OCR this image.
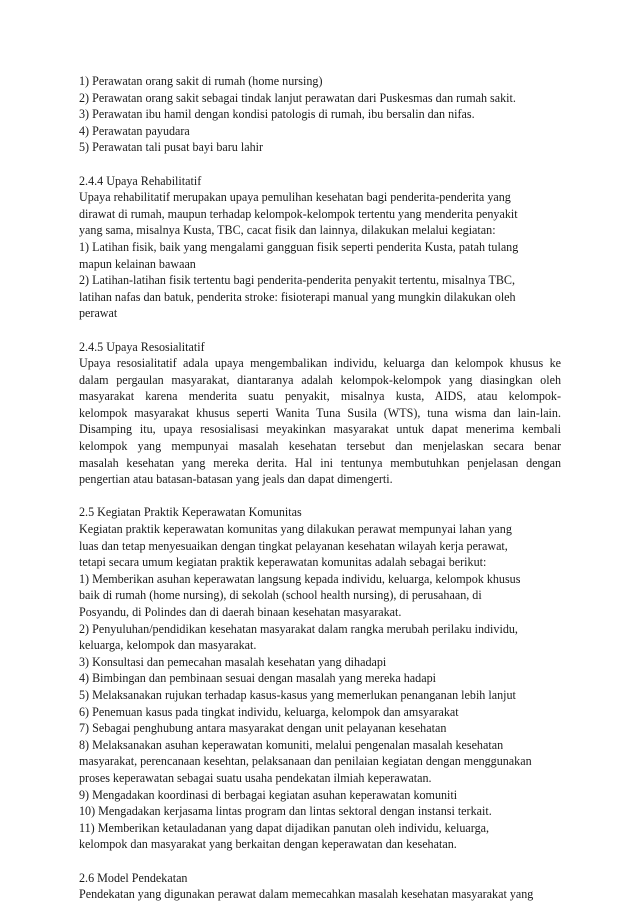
1) Perawatan orang sakit di rumah (home nursing)
2) Perawatan orang sakit sebagai tindak lanjut perawatan dari Puskesmas dan rumah sakit.
3) Perawatan ibu hamil dengan kondisi patologis di rumah, ibu bersalin dan nifas.
4) Perawatan payudara
5) Perawatan tali pusat bayi baru lahir
2.4.4 Upaya Rehabilitatif
Upaya rehabilitatif merupakan upaya pemulihan kesehatan bagi penderita-penderita yang
dirawat di rumah, maupun terhadap kelompok-kelompok tertentu yang menderita penyakit
yang sama, misalnya Kusta, TBC, cacat fisik dan lainnya, dilakukan melalui kegiatan:
1) Latihan fisik, baik yang mengalami gangguan fisik seperti penderita Kusta, patah tulang
mapun kelainan bawaan
2) Latihan-latihan fisik tertentu bagi penderita-penderita penyakit tertentu, misalnya TBC,
latihan nafas dan batuk, penderita stroke: fisioterapi manual yang mungkin dilakukan oleh
perawat
2.4.5 Upaya Resosialitatif
Upaya resosialitatif adala upaya mengembalikan individu, keluarga dan kelompok khusus ke
dalam pergaulan masyarakat, diantaranya adalah kelompok-kelompok yang diasingkan oleh
masyarakat karena menderita suatu penyakit, misalnya kusta, AIDS, atau kelompok-
kelompok masyarakat khusus seperti Wanita Tuna Susila (WTS), tuna wisma dan lain-lain.
Disamping itu, upaya resosialisasi meyakinkan masyarakat untuk dapat menerima kembali
kelompok yang mempunyai masalah kesehatan tersebut dan menjelaskan secara benar
masalah kesehatan yang mereka derita. Hal ini tentunya membutuhkan penjelasan dengan
pengertian atau batasan-batasan yang jeals dan dapat dimengerti.
2.5 Kegiatan Praktik Keperawatan Komunitas
Kegiatan praktik keperawatan komunitas yang dilakukan perawat mempunyai lahan yang
luas dan tetap menyesuaikan dengan tingkat pelayanan kesehatan wilayah kerja perawat,
tetapi secara umum kegiatan praktik keperawatan komunitas adalah sebagai berikut:
1) Memberikan asuhan keperawatan langsung kepada individu, keluarga, kelompok khusus
baik di rumah (home nursing), di sekolah (school health nursing), di perusahaan, di
Posyandu, di Polindes dan di daerah binaan kesehatan masyarakat.
2) Penyuluhan/pendidikan kesehatan masyarakat dalam rangka merubah perilaku individu,
keluarga, kelompok dan masyarakat.
3) Konsultasi dan pemecahan masalah kesehatan yang dihadapi
4) Bimbingan dan pembinaan sesuai dengan masalah yang mereka hadapi
5) Melaksanakan rujukan terhadap kasus-kasus yang memerlukan penanganan lebih lanjut
6) Penemuan kasus pada tingkat individu, keluarga, kelompok dan amsyarakat
7) Sebagai penghubung antara masyarakat dengan unit pelayanan kesehatan
8) Melaksanakan asuhan keperawatan komuniti, melalui pengenalan masalah kesehatan
masyarakat, perencanaan kesehtan, pelaksanaan dan penilaian kegiatan dengan menggunakan
proses keperawatan sebagai suatu usaha pendekatan ilmiah keperawatan.
9) Mengadakan koordinasi di berbagai kegiatan asuhan keperawatan komuniti
10) Mengadakan kerjasama lintas program dan lintas sektoral dengan instansi terkait.
11) Memberikan ketauladanan yang dapat dijadikan panutan oleh individu, keluarga,
kelompok dan masyarakat yang berkaitan dengan keperawatan dan kesehatan.
2.6 Model Pendekatan
Pendekatan yang digunakan perawat dalam memecahkan masalah kesehatan masyarakat yang
